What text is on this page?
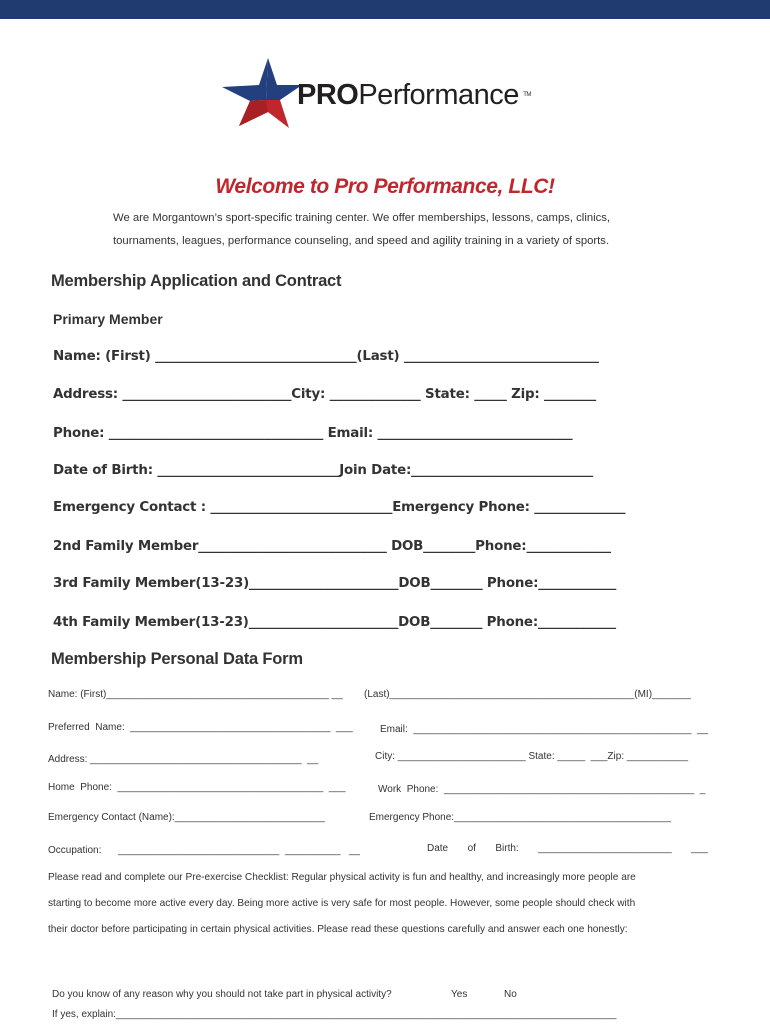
PROPerformance TM
Welcome to Pro Performance, LLC!
We are Morgantown’s sport-specific training center. We offer memberships, lessons, camps, clinics,
tournaments, leagues, performance counseling, and speed and agility training in a variety of sports.
Membership Application and Contract
Primary Member
Name: (First) _______________________________(Last) ______________________________
Address: __________________________City: ______________ State: _____ Zip: ________
Phone: _________________________________ Email: ______________________________
Date of Birth: ____________________________Join Date:____________________________
Emergency Contact : ____________________________Emergency Phone: ______________
2nd Family Member_____________________________ DOB________Phone:_____________
3rd Family Member(13-23)_______________________DOB________ Phone:____________
4th Family Member(13-23)_______________________DOB________ Phone:____________
Membership Personal Data Form
Name: (First)________________________________________ __ (Last)____________________________________________(MI)_______
Preferred  Name:  ____________________________________  ___	Email:  __________________________________________________  __
Address: ______________________________________  __	City: _______________________ State: _____  ___Zip: ___________
Home  Phone:  _____________________________________  ___	Work  Phone:  _____________________________________________  _
Emergency Contact (Name):___________________________	Emergency Phone:_______________________________________
Occupation:      _____________________________  __________   __	Date       of       Birth:       ________________________       ___
Please read and complete our Pre-exercise Checklist: Regular physical activity is fun and healthy, and increasingly more people are
starting to become more active every day. Being more active is very safe for most people. However, some people should check with
their doctor before participating in certain physical activities. Please read these questions carefully and answer each one honestly:
Do you know of any reason why you should not take part in physical activity?	Yes	No
If yes, explain:__________________________________________________________________________________________
